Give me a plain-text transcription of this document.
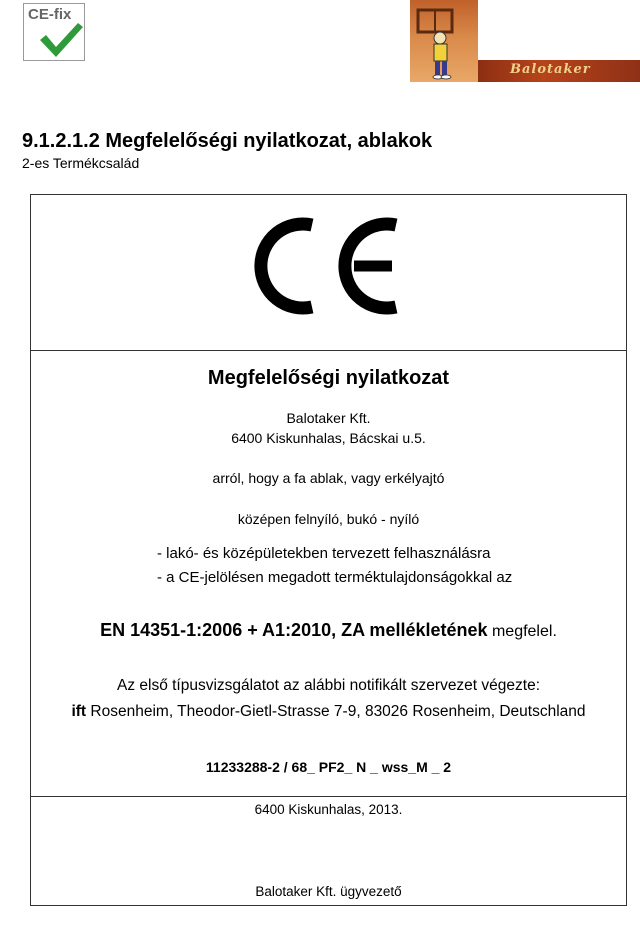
CE-fix
Balotaker
9.1.2.1.2 Megfelelőségi nyilatkozat, ablakok
2-es Termékcsalád
Megfelelőségi nyilatkozat
Balotaker Kft.
6400 Kiskunhalas, Bácskai u.5.
arról, hogy a fa ablak, vagy erkélyajtó
középen felnyíló, bukó - nyíló
- lakó- és középületekben tervezett felhasználásra
- a CE-jelölésen megadott terméktulajdonságokkal az
EN 14351-1:2006 + A1:2010, ZA mellékletének megfelel.
Az első típusvizsgálatot az alábbi notifikált szervezet végezte:
ift Rosenheim, Theodor-Gietl-Strasse 7-9, 83026 Rosenheim, Deutschland
11233288-2 / 68_ PF2_ N _ wss_M _ 2
6400 Kiskunhalas, 2013.
Balotaker Kft. ügyvezető
